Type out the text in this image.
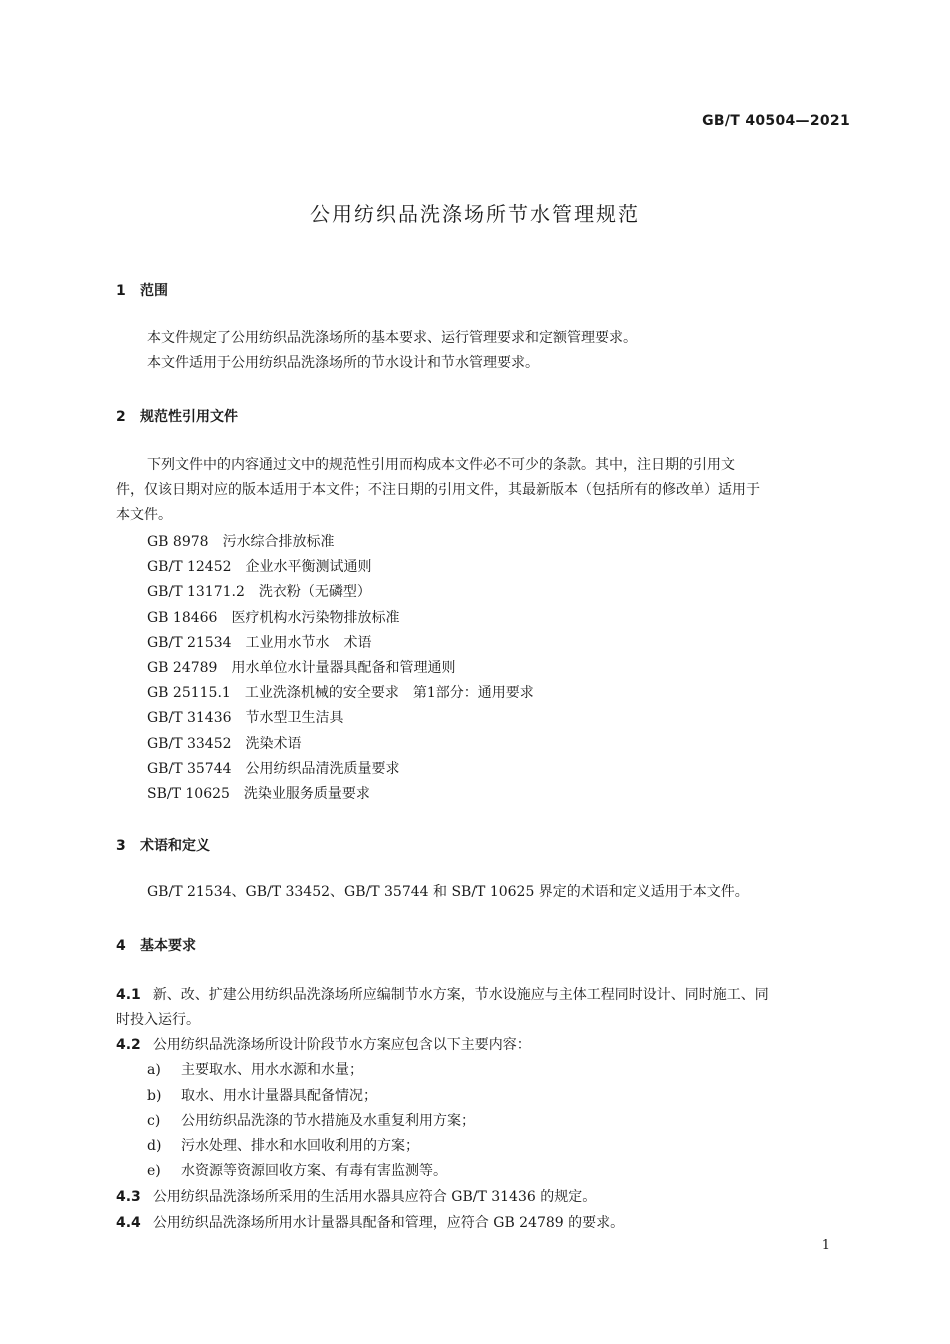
GB/T 40504—2021
公用纺织品洗涤场所节水管理规范
1 范围
本文件规定了公用纺织品洗涤场所的基本要求、运行管理要求和定额管理要求。
本文件适用于公用纺织品洗涤场所的节水设计和节水管理要求。
2 规范性引用文件
下列文件中的内容通过文中的规范性引用而构成本文件必不可少的条款。其中，注日期的引用文
件，仅该日期对应的版本适用于本文件；不注日期的引用文件，其最新版本（包括所有的修改单）适用于
本文件。
GB 8978 污水综合排放标准
GB/T 12452 企业水平衡测试通则
GB/T 13171.2 洗衣粉（无磷型）
GB 18466 医疗机构水污染物排放标准
GB/T 21534 工业用水节水　术语
GB 24789 用水单位水计量器具配备和管理通则
GB 25115.1 工业洗涤机械的安全要求　第1部分：通用要求
GB/T 31436 节水型卫生洁具
GB/T 33452 洗染术语
GB/T 35744 公用纺织品清洗质量要求
SB/T 10625 洗染业服务质量要求
3 术语和定义
GB/T 21534、GB/T 33452、GB/T 35744 和 SB/T 10625 界定的术语和定义适用于本文件。
4 基本要求
4.1 新、改、扩建公用纺织品洗涤场所应编制节水方案，节水设施应与主体工程同时设计、同时施工、同
时投入运行。
4.2 公用纺织品洗涤场所设计阶段节水方案应包含以下主要内容：
a) 主要取水、用水水源和水量；
b) 取水、用水计量器具配备情况；
c) 公用纺织品洗涤的节水措施及水重复利用方案；
d) 污水处理、排水和水回收利用的方案；
e) 水资源等资源回收方案、有毒有害监测等。
4.3 公用纺织品洗涤场所采用的生活用水器具应符合 GB/T 31436 的规定。
4.4 公用纺织品洗涤场所用水计量器具配备和管理，应符合 GB 24789 的要求。
1
